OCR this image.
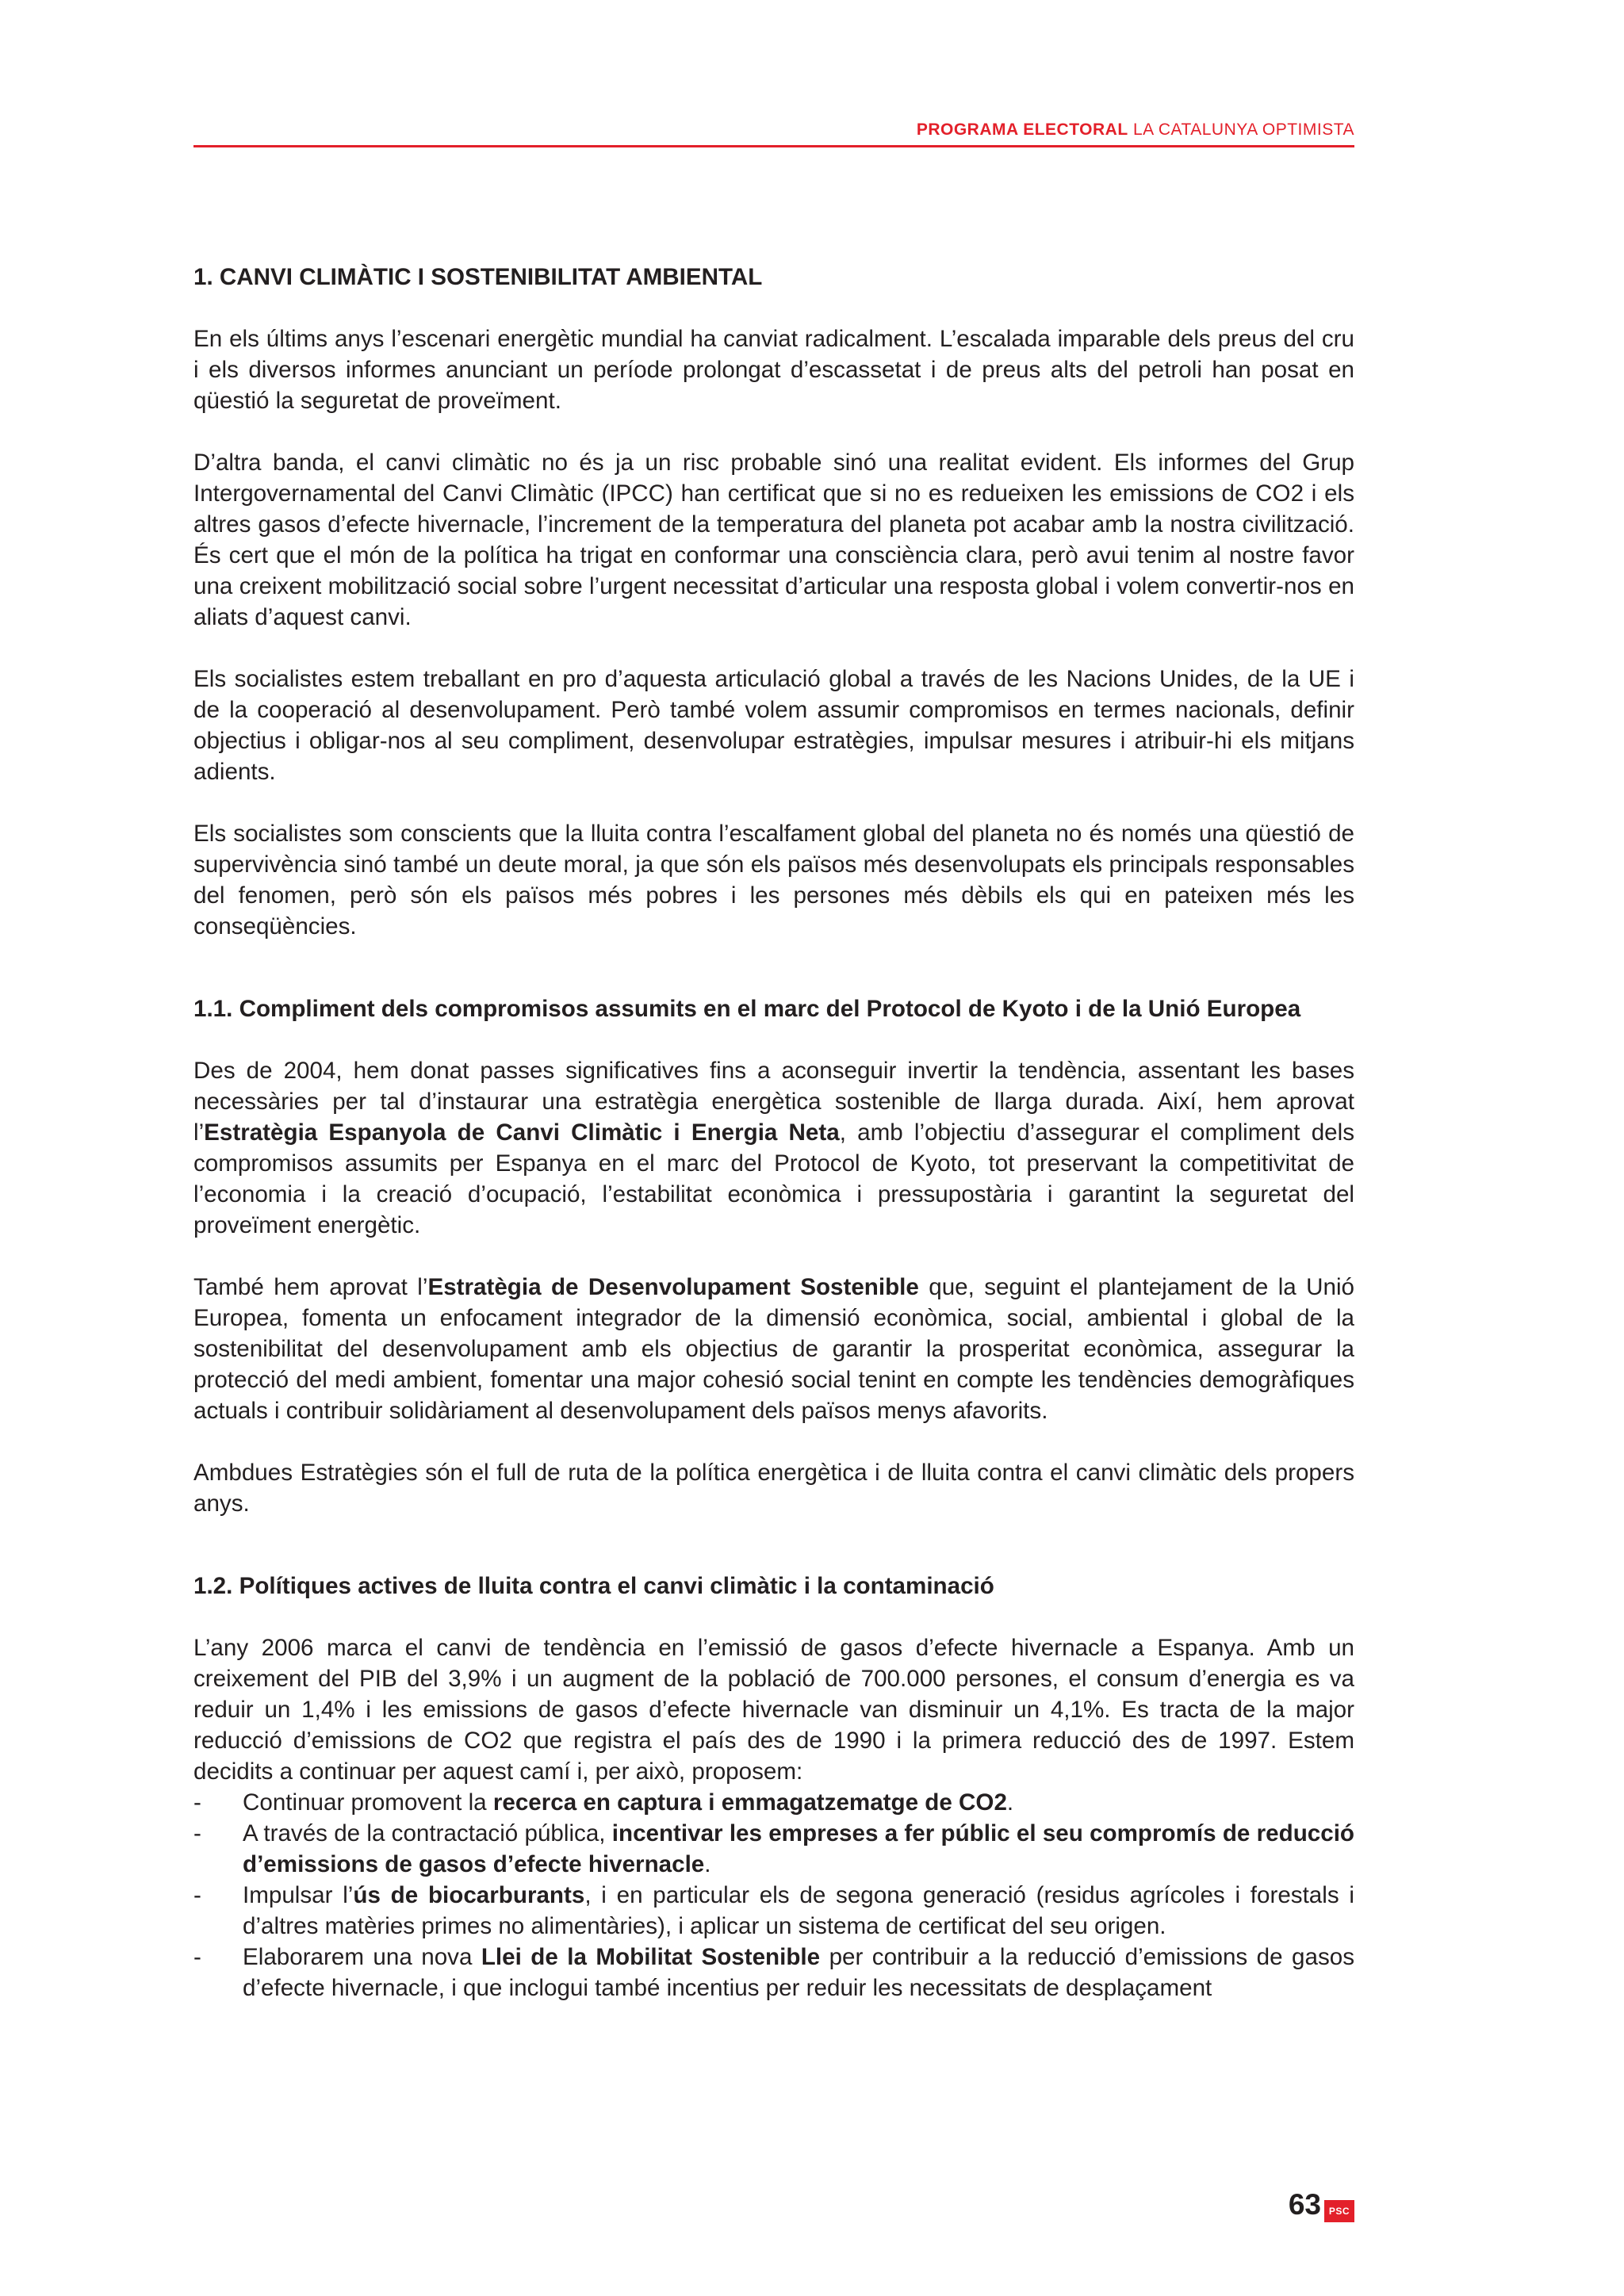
PROGRAMA ELECTORAL LA CATALUNYA OPTIMISTA
1. CANVI CLIMÀTIC I SOSTENIBILITAT AMBIENTAL

En els últims anys l’escenari energètic mundial ha canviat radicalment. L’escalada imparable dels preus del cru i els diversos informes anunciant un període prolongat d’escassetat i de preus alts del petroli han posat en qüestió la seguretat de proveïment.

D’altra banda, el canvi climàtic no és ja un risc probable sinó una realitat evident. Els informes del Grup Intergovernamental del Canvi Climàtic (IPCC) han certificat que si no es redueixen les emissions de CO2 i els altres gasos d’efecte hivernacle, l’increment de la temperatura del planeta pot acabar amb la nostra civilització. És cert que el món de la política ha trigat en conformar una consciència clara, però avui tenim al nostre favor una creixent mobilització social sobre l’urgent necessitat d’articular una resposta global i volem convertir-nos en aliats d’aquest canvi.

Els socialistes estem treballant en pro d’aquesta articulació global a través de les Nacions Unides, de la UE i de la cooperació al desenvolupament. Però també volem assumir compromisos en termes nacionals, definir objectius i obligar-nos al seu compliment, desenvolupar estratègies, impulsar mesures i atribuir-hi els mitjans adients.

Els socialistes som conscients que la lluita contra l’escalfament global del planeta no és només una qüestió de supervivència sinó també un deute moral, ja que són els països més desenvolupats els principals responsables del fenomen, però són els països més pobres i les persones més dèbils els qui en pateixen més les conseqüències.

1.1. Compliment dels compromisos assumits en el marc del Protocol de Kyoto i de la Unió Europea

Des de 2004, hem donat passes significatives fins a aconseguir invertir la tendència, assentant les bases necessàries per tal d’instaurar una estratègia energètica sostenible de llarga durada. Així, hem aprovat l’Estratègia Espanyola de Canvi Climàtic i Energia Neta, amb l’objectiu d’assegurar el compliment dels compromisos assumits per Espanya en el marc del Protocol de Kyoto, tot preservant la competitivitat de l’economia i la creació d’ocupació, l’estabilitat econòmica i pressupostària i garantint la seguretat del proveïment energètic.

També hem aprovat l’Estratègia de Desenvolupament Sostenible que, seguint el plantejament de la Unió Europea, fomenta un enfocament integrador de la dimensió econòmica, social, ambiental i global de la sostenibilitat del desenvolupament amb els objectius de garantir la prosperitat econòmica, assegurar la protecció del medi ambient, fomentar una major cohesió social tenint en compte les tendències demogràfiques actuals i contribuir solidàriament al desenvolupament dels països menys afavorits.

Ambdues Estratègies són el full de ruta de la política energètica i de lluita contra el canvi climàtic dels propers anys.

1.2. Polítiques actives de lluita contra el canvi climàtic i la contaminació

L’any 2006 marca el canvi de tendència en l’emissió de gasos d’efecte hivernacle a Espanya. Amb un creixement del PIB del 3,9% i un augment de la població de 700.000 persones, el consum d’energia es va reduir un 1,4% i les emissions de gasos d’efecte hivernacle van disminuir un 4,1%. Es tracta de la major reducció d’emissions de CO2 que registra el país des de 1990 i la primera reducció des de 1997. Estem decidits a continuar per aquest camí i, per això, proposem:

- Continuar promovent la recerca en captura i emmagatzematge de CO2.
- A través de la contractació pública, incentivar les empreses a fer públic el seu compromís de reducció d’emissions de gasos d’efecte hivernacle.
- Impulsar l’ús de biocarburants, i en particular els de segona generació (residus agrícoles i forestals i d’altres matèries primes no alimentàries), i aplicar un sistema de certificat del seu origen.
- Elaborarem una nova Llei de la Mobilitat Sostenible per contribuir a la reducció d’emissions de gasos d’efecte hivernacle, i que inclogui també incentius per reduir les necessitats de desplaçament
63 PSC
